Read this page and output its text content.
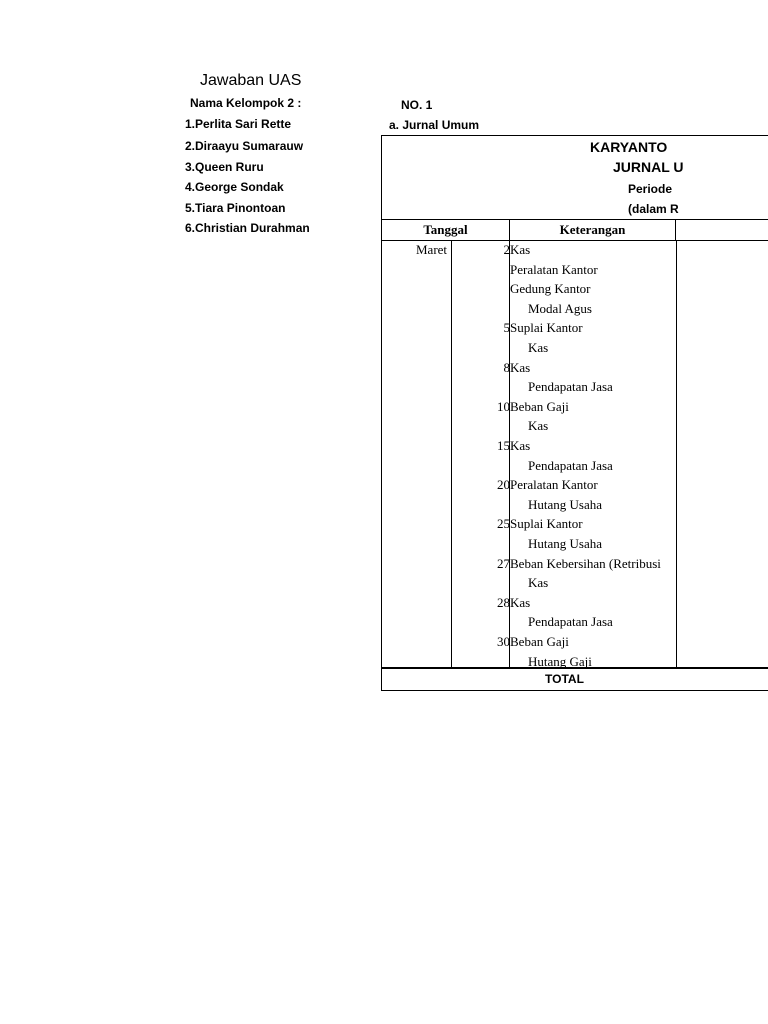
Jawaban UAS
Nama Kelompok 2 :
1.Perlita Sari Rette
2.Diraayu Sumarauw
3.Queen Ruru
4.George Sondak
5.Tiara Pinontoan
6.Christian Durahman
NO. 1
a. Jurnal Umum
KARYANTO
JURNAL U
Periode
(dalam R
Tanggal	Keterangan
Maret	2 Kas
Peralatan Kantor
Gedung Kantor
Modal Agus
5 Suplai Kantor
Kas
8 Kas
Pendapatan Jasa
10 Beban Gaji
Kas
15 Kas
Pendapatan Jasa
20 Peralatan Kantor
Hutang Usaha
25 Suplai Kantor
Hutang Usaha
27 Beban Kebersihan (Retribusi
Kas
28 Kas
Pendapatan Jasa
30 Beban Gaji
Hutang Gaji
TOTAL
